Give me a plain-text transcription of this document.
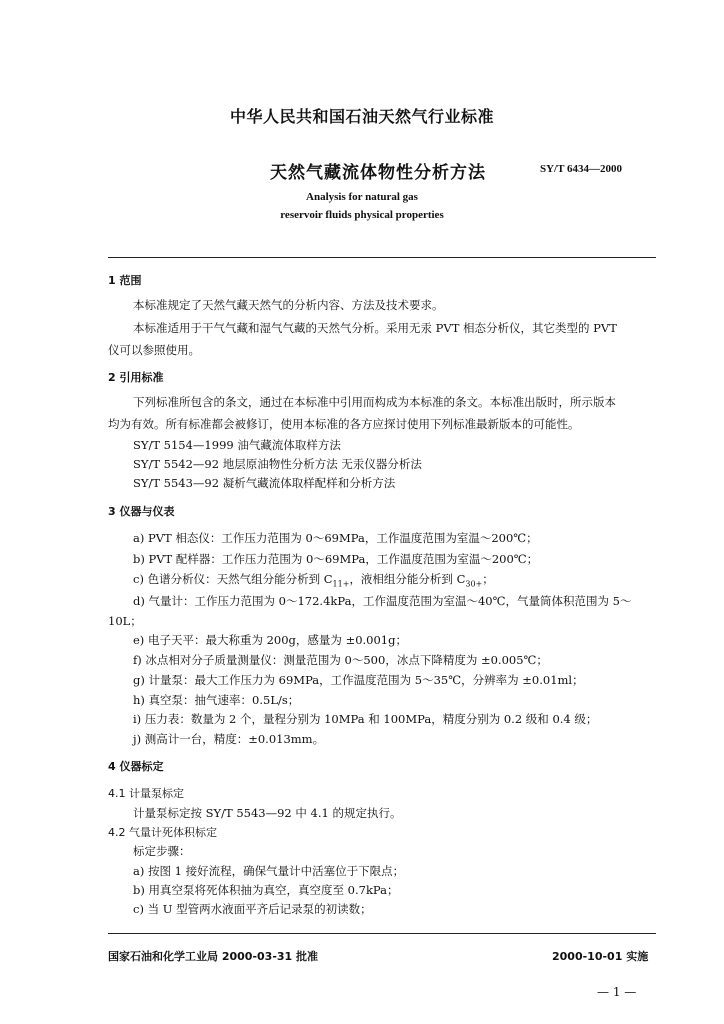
中华人民共和国石油天然气行业标准
天然气藏流体物性分析方法	SY/T 6434—2000
Analysis for natural gas
reservoir fluids physical properties
1 范围
本标准规定了天然气藏天然气的分析内容、方法及技术要求。
本标准适用于干气气藏和湿气气藏的天然气分析。采用无汞 PVT 相态分析仪，其它类型的 PVT
仪可以参照使用。
2 引用标准
下列标准所包含的条文，通过在本标准中引用而构成为本标准的条文。本标准出版时，所示版本
均为有效。所有标准都会被修订，使用本标准的各方应探讨使用下列标准最新版本的可能性。
SY/T 5154—1999 油气藏流体取样方法
SY/T 5542—92 地层原油物性分析方法 无汞仪器分析法
SY/T 5543—92 凝析气藏流体取样配样和分析方法
3 仪器与仪表
a) PVT 相态仪：工作压力范围为 0～69MPa，工作温度范围为室温～200℃；
b) PVT 配样器：工作压力范围为 0～69MPa，工作温度范围为室温～200℃；
c) 色谱分析仪：天然气组分能分析到 $C_{11+}$，液相组分能分析到 $C_{30+}$；
d) 气量计：工作压力范围为 0～172.4kPa，工作温度范围为室温～40℃，气量筒体积范围为 5～
10L；
e) 电子天平：最大称重为 200g，感量为 ±0.001g；
f) 冰点相对分子质量测量仪：测量范围为 0～500，冰点下降精度为 ±0.005℃；
g) 计量泵：最大工作压力为 69MPa，工作温度范围为 5～35℃，分辨率为 ±0.01ml；
h) 真空泵：抽气速率：0.5L/s；
i) 压力表：数量为 2 个，量程分别为 10MPa 和 100MPa，精度分别为 0.2 级和 0.4 级；
j) 测高计一台，精度：±0.013mm。
4 仪器标定
4.1 计量泵标定
计量泵标定按 SY/T 5543—92 中 4.1 的规定执行。
4.2 气量计死体积标定
标定步骤：
a) 按图 1 接好流程，确保气量计中活塞位于下限点；
b) 用真空泵将死体积抽为真空，真空度至 0.7kPa；
c) 当 U 型管两水液面平齐后记录泵的初读数；
国家石油和化学工业局 2000-03-31 批准	2000-10-01 实施
— 1 —
